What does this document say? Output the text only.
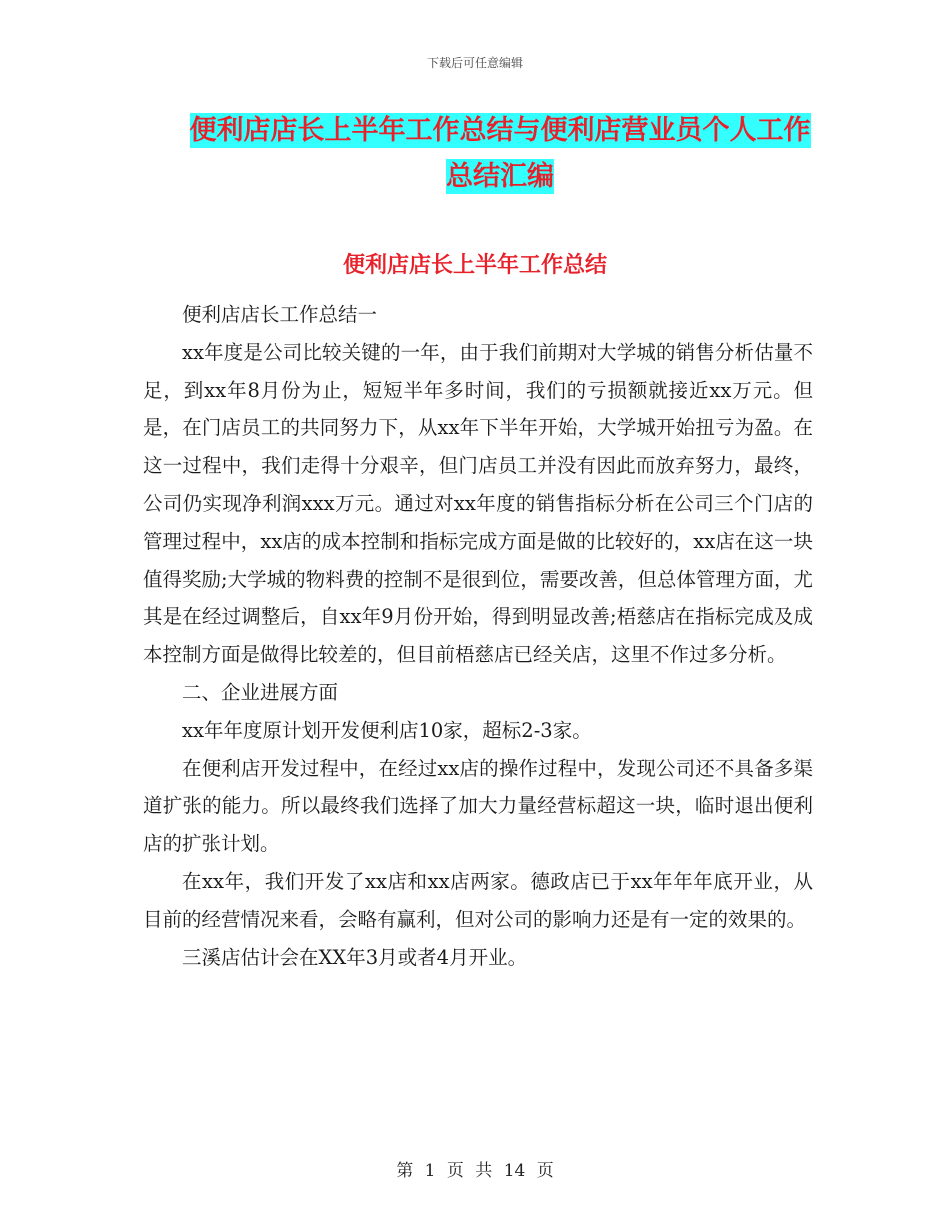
下载后可任意编辑
便利店店长上半年工作总结与便利店营业员个人工作
总结汇编
便利店店长上半年工作总结

便利店店长工作总结一

xx年度是公司比较关键的一年，由于我们前期对大学城的销售分析估量不足，到xx年8月份为止，短短半年多时间，我们的亏损额就接近xx万元。但是，在门店员工的共同努力下，从xx年下半年开始，大学城开始扭亏为盈。在这一过程中，我们走得十分艰辛，但门店员工并没有因此而放弃努力，最终，公司仍实现净利润xxx万元。通过对xx年度的销售指标分析在公司三个门店的管理过程中，xx店的成本控制和指标完成方面是做的比较好的，xx店在这一块值得奖励;大学城的物料费的控制不是很到位，需要改善，但总体管理方面，尤其是在经过调整后，自xx年9月份开始，得到明显改善;梧慈店在指标完成及成本控制方面是做得比较差的，但目前梧慈店已经关店，这里不作过多分析。

二、企业进展方面

xx年年度原计划开发便利店10家，超标2-3家。

在便利店开发过程中，在经过xx店的操作过程中，发现公司还不具备多渠道扩张的能力。所以最终我们选择了加大力量经营标超这一块，临时退出便利店的扩张计划。

在xx年，我们开发了xx店和xx店两家。德政店已于xx年年年底开业，从目前的经营情况来看，会略有赢利，但对公司的影响力还是有一定的效果的。

三溪店估计会在XX年3月或者4月开业。

第 1 页 共 14 页
